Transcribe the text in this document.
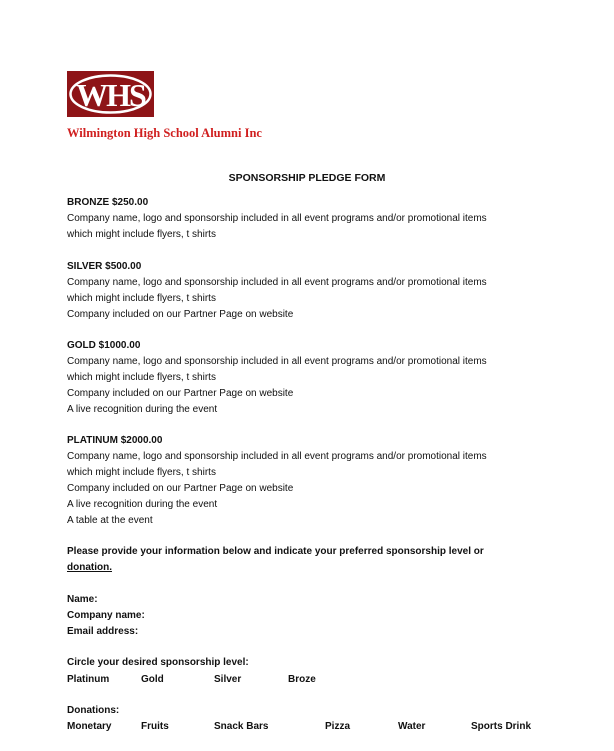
WHS
Wilmington High School Alumni Inc
SPONSORSHIP PLEDGE FORM
BRONZE $250.00
Company name, logo and sponsorship included in all event programs and/or promotional items
which might include flyers, t shirts
SILVER $500.00
Company name, logo and sponsorship included in all event programs and/or promotional items
which might include flyers, t shirts
Company included on our Partner Page on website
GOLD $1000.00
Company name, logo and sponsorship included in all event programs and/or promotional items
which might include flyers, t shirts
Company included on our Partner Page on website
A live recognition during the event
PLATINUM $2000.00
Company name, logo and sponsorship included in all event programs and/or promotional items
which might include flyers, t shirts
Company included on our Partner Page on website
A live recognition during the event
A table at the event
Please provide your information below and indicate your preferred sponsorship level or
donation.
Name:
Company name:
Email address:
Circle your desired sponsorship level:
Platinum	Gold	Silver	Broze
Donations:
Monetary	Fruits	Snack Bars	Pizza	Water	Sports Drink
